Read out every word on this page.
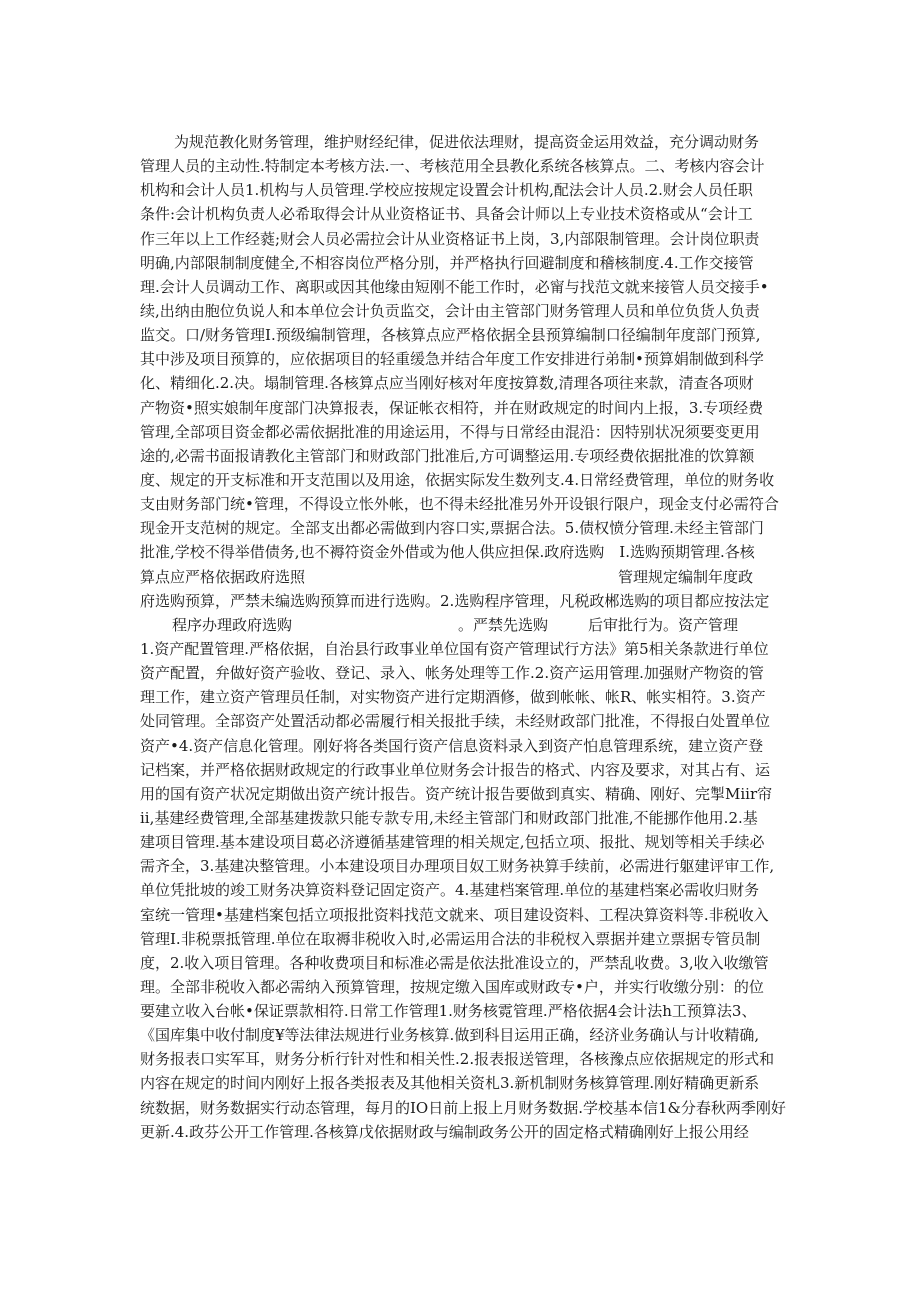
为规范教化财务管理，维护财经纪律，促进依法理财，提高资金运用效益，充分调动财务
管理人员的主动性.特制定本考核方法.一、考核范用全县教化系统各核算点。二、考核内容会计
机构和会计人员1.机构与人员管理.学校应按规定设置会计机构,配法会计人员.2.财会人员任职
条件:会计机构负责人必希取得会计从业资格证书、具备会计师以上专业技术资格或从“会计工
作三年以上工作经蕤;财会人员必需拉会计从业资格证书上岗，3,内部限制管理。会计岗位职责
明确,内部限制制度健全,不相容岗位严格分別，并严格执行回避制度和稽核制度.4.工作交接管
理.会计人员调动工作、离职或因其他缘由短刚不能工作时，必甯与找范文就来接管人员交接手•
续,出纳由胞位负说人和本单位会计负贡监交，会计由主管部门财务管理人员和单位负货人负责
监交。口/财务管理I.预级编制管理，各核算点应严格依据全县预算编制口径编制年度部门预算,
其中涉及项目预算的，应依据项目的轻重缓急并结合年度工作安排进行弟制•预算娟制做到科学
化、精细化.2.决。塌制管理.各核算点应当刚好核对年度按算数,清理各项往来款，清查各项财
产物资•照实娘制年度部门决算报表，保证帐衣相符，并在财政规定的时间内上报，3.专项经费
管理,全部项目资金都必需依据批准的用途运用，不得与日常经由混沿：因特别状况须要变更用
途的,必需书面报请教化主管部门和财政部门批准后,方可调整运用.专项经费依据批准的饮算额
度、规定的开支标准和开支范围以及用途，依据实际发生数列支.4.日常经费管理，单位的财务收
支由财务部门统•管理，不得设立怅外帐，也不得未经批准另外开设银行限户，现金支付必需符合
现金开支范树的规定。全部支出都必需做到内容口实,票据合法。5.债权愤分管理.未经主管部门
批准,学校不得举借债务,也不褥符资金外借或为他人供应担保.政府选购　I.选购预期管理.各核
算点应严格依据政府选照	管理规定编制年度政
府选购预算，严禁未编选购预算而进行选购。2.选购程序管理，凡税政郴选购的项目都应按法定
程序办理政府选购	。严禁先选购	后审批行为。资产管理
1.资产配置管理.严格依据，自治县行政事业单位国有资产管理试行方法》第5相关条款进行单位
资产配置，弁做好资产验收、登记、录入、帐务处理等工作.2.资产运用管理.加强财产物资的管
理工作，建立资产管理员任制，对实物资产进行定期酒修，做到帐帐、帐R、帐实相符。3.资产
处同管理。全部资产处置活动都必需履行相关报批手续，未经财政部门批准，不得报白处置单位
资产•4.资产信息化管理。刚好将各类国行资产信息资料录入到资产怕息管理系统，建立资产登
记档案，并严格依据财政规定的行政事业单位财务会计报告的格式、内容及要求，对其占有、运
用的国有资产状况定期做出资产统计报告。资产统计报告要做到真实、精确、刚好、完掣Miir帘
ii,基建经费管理,全部基建拨款只能专款专用,未经主管部门和财政部门批准,不能挪作他用.2.基
建项目管理.基本建设项目葛必济遵循基建管理的相关规定,包括立项、报批、规划等相关手续必
需齐全，3.基建决整管理。小本建设项目办理项目奴工财务袂算手续前，必需进行躯建评审工作,
单位凭批坡的竣工财务决算资料登记固定资产。4.基建档案管理.单位的基建档案必需收归财务
室统一管理•基建档案包括立项报批资料找范文就来、项目建设资料、工程决算资料等.非税收入
管理I.非税票抵管理.单位在取褥非税收入时,必需运用合法的非税杈入票据并建立票据专管员制
度，2.收入项目管理。各种收费项目和标准必需是依法批准设立的，严禁乱收费。3,收入收缴管
理。全部非税收入都必需纳入预算管理，按规定缴入国库或财政专•户，并实行收缴分别：的位
要建立收入台帐•保证票款相符.日常工作管理1.财务核霓管理.严格依据4会计法h工预算法3、
《国库集中收付制度¥等法律法规进行业务核算.做到科目运用正确，经济业务确认与计收精确,
财务报表口实军耳，财务分析行针对性和相关性.2.报表报送管理，各核豫点应依据规定的形式和
内容在规定的时间内刚好上报各类报表及其他相关资札3.新机制财务核算管理.刚好精确更新系
统数据，财务数据实行动态管理，每月的IO日前上报上月财务数据.学校基本信1&分春秋两季刚好
更新.4.政芬公开工作管理.各核算戊依据财政与编制政务公开的固定格式精确刚好上报公用经
